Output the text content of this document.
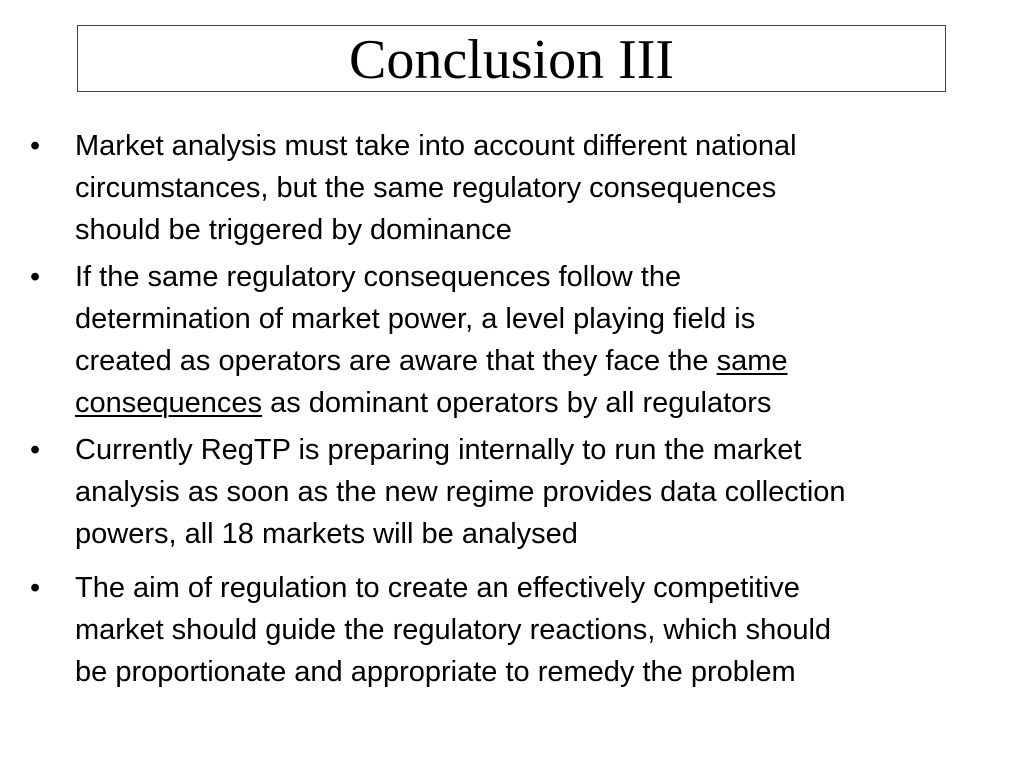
Conclusion III
•	Market analysis must take into account different national
circumstances, but the same regulatory consequences
should be triggered by dominance
•	If the same regulatory consequences follow the
determination of market power, a level playing field is
created as operators are aware that they face the same
consequences as dominant operators by all regulators
•	Currently RegTP is preparing internally to run the market
analysis as soon as the new regime provides data collection
powers, all 18 markets will be analysed
•	The aim of regulation to create an effectively competitive
market should guide the regulatory reactions, which should
be proportionate and appropriate to remedy the problem
